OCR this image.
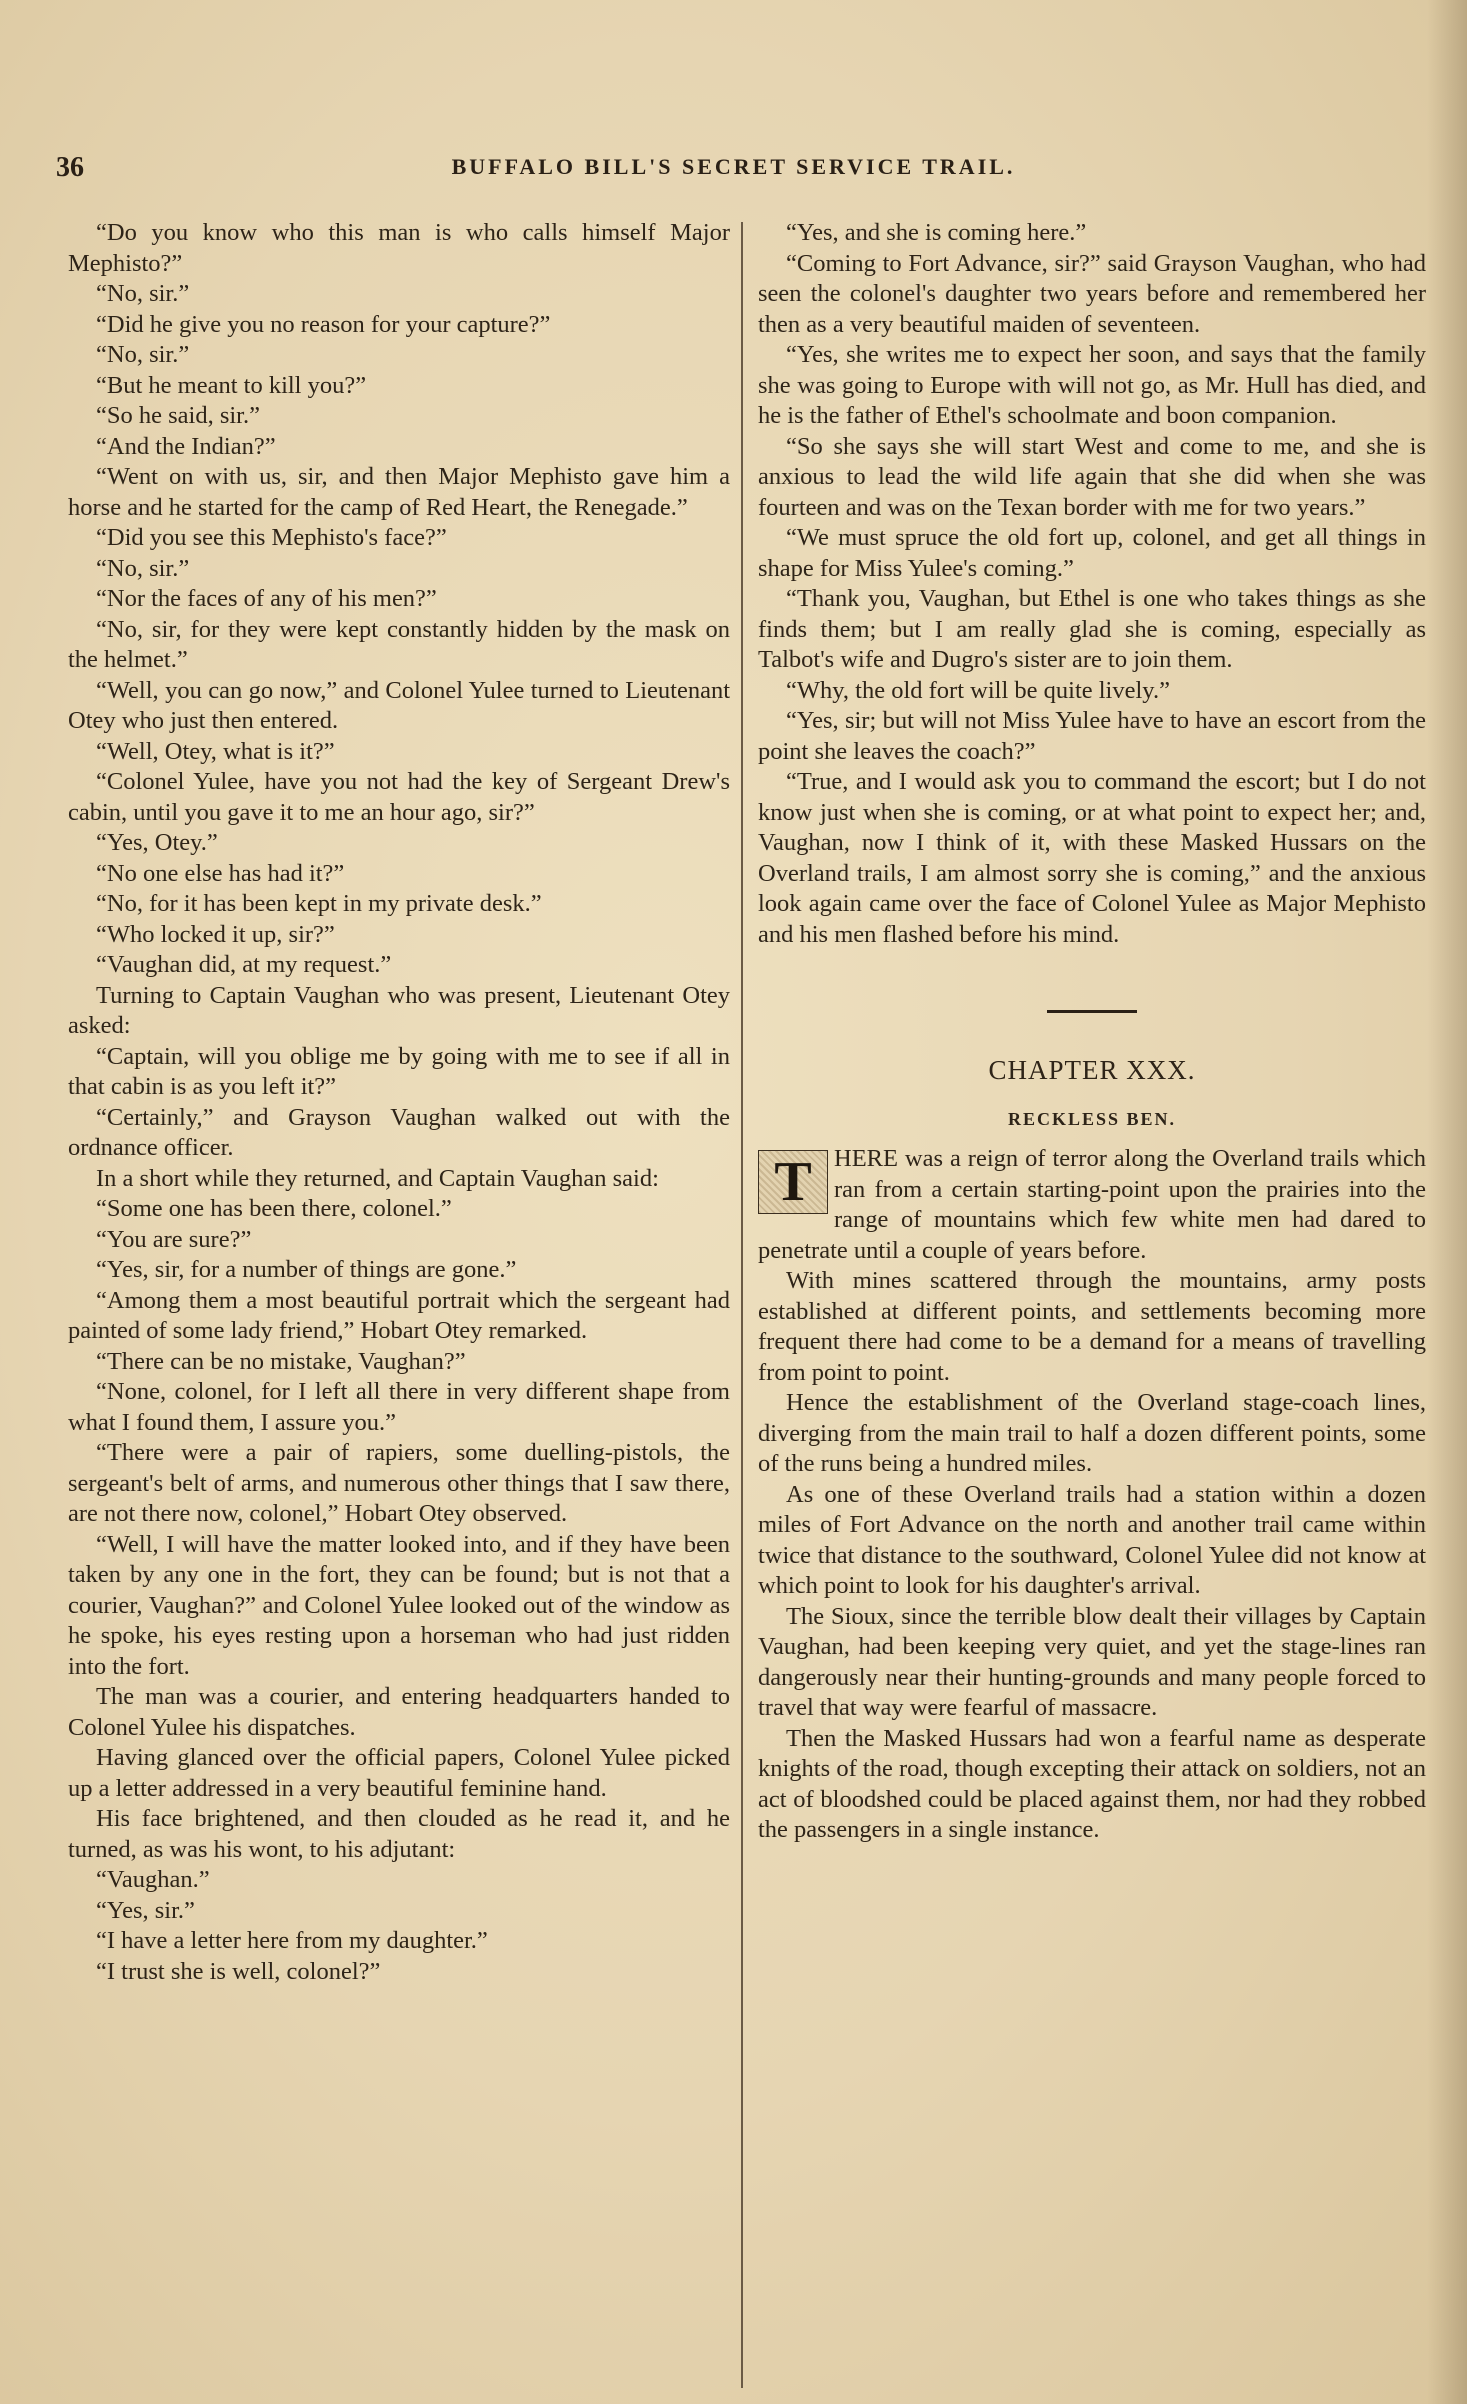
36	BUFFALO BILL'S SECRET SERVICE TRAIL.

“Do you know who this man is who calls himself Major Mephisto?”

“No, sir.”

“Did he give you no reason for your capture?”

“No, sir.”

“But he meant to kill you?”

“So he said, sir.”

“And the Indian?”

“Went on with us, sir, and then Major Mephisto gave him a horse and he started for the camp of Red Heart, the Renegade.”

“Did you see this Mephisto's face?”

“No, sir.”

“Nor the faces of any of his men?”

“No, sir, for they were kept constantly hidden by the mask on the helmet.”

“Well, you can go now,” and Colonel Yulee turned to Lieutenant Otey who just then entered.

“Well, Otey, what is it?”

“Colonel Yulee, have you not had the key of Sergeant Drew's cabin, until you gave it to me an hour ago, sir?”

“Yes, Otey.”

“No one else has had it?”

“No, for it has been kept in my private desk.”

“Who locked it up, sir?”

“Vaughan did, at my request.”

Turning to Captain Vaughan who was present, Lieutenant Otey asked:

“Captain, will you oblige me by going with me to see if all in that cabin is as you left it?”

“Certainly,” and Grayson Vaughan walked out with the ordnance officer.

In a short while they returned, and Captain Vaughan said:

“Some one has been there, colonel.”

“You are sure?”

“Yes, sir, for a number of things are gone.”

“Among them a most beautiful portrait which the sergeant had painted of some lady friend,” Hobart Otey remarked.

“There can be no mistake, Vaughan?”

“None, colonel, for I left all there in very different shape from what I found them, I assure you.”

“There were a pair of rapiers, some duelling-pistols, the sergeant's belt of arms, and numerous other things that I saw there, are not there now, colonel,” Hobart Otey observed.

“Well, I will have the matter looked into, and if they have been taken by any one in the fort, they can be found; but is not that a courier, Vaughan?” and Colonel Yulee looked out of the window as he spoke, his eyes resting upon a horseman who had just ridden into the fort.

The man was a courier, and entering headquarters handed to Colonel Yulee his dispatches.

Having glanced over the official papers, Colonel Yulee picked up a letter addressed in a very beautiful feminine hand.

His face brightened, and then clouded as he read it, and he turned, as was his wont, to his adjutant:

“Vaughan.”

“Yes, sir.”

“I have a letter here from my daughter.”

“I trust she is well, colonel?”

“Yes, and she is coming here.”

“Coming to Fort Advance, sir?” said Grayson Vaughan, who had seen the colonel's daughter two years before and remembered her then as a very beautiful maiden of seventeen.

“Yes, she writes me to expect her soon, and says that the family she was going to Europe with will not go, as Mr. Hull has died, and he is the father of Ethel's schoolmate and boon companion.

“So she says she will start West and come to me, and she is anxious to lead the wild life again that she did when she was fourteen and was on the Texan border with me for two years.”

“We must spruce the old fort up, colonel, and get all things in shape for Miss Yulee's coming.”

“Thank you, Vaughan, but Ethel is one who takes things as she finds them; but I am really glad she is coming, especially as Talbot's wife and Dugro's sister are to join them.

“Why, the old fort will be quite lively.”

“Yes, sir; but will not Miss Yulee have to have an escort from the point she leaves the coach?”

“True, and I would ask you to command the escort; but I do not know just when she is coming, or at what point to expect her; and, Vaughan, now I think of it, with these Masked Hussars on the Overland trails, I am almost sorry she is coming,” and the anxious look again came over the face of Colonel Yulee as Major Mephisto and his men flashed before his mind.

CHAPTER XXX.
RECKLESS BEN.

T HERE was a reign of terror along the Overland trails which ran from a certain starting-point upon the prairies into the range of mountains which few white men had dared to penetrate until a couple of years before.

With mines scattered through the mountains, army posts established at different points, and settlements becoming more frequent there had come to be a demand for a means of travelling from point to point.

Hence the establishment of the Overland stage-coach lines, diverging from the main trail to half a dozen different points, some of the runs being a hundred miles.

As one of these Overland trails had a station within a dozen miles of Fort Advance on the north and another trail came within twice that distance to the southward, Colonel Yulee did not know at which point to look for his daughter's arrival.

The Sioux, since the terrible blow dealt their villages by Captain Vaughan, had been keeping very quiet, and yet the stage-lines ran dangerously near their hunting-grounds and many people forced to travel that way were fearful of massacre.

Then the Masked Hussars had won a fearful name as desperate knights of the road, though excepting their attack on soldiers, not an act of bloodshed could be placed against them, nor had they robbed the passengers in a single instance.
